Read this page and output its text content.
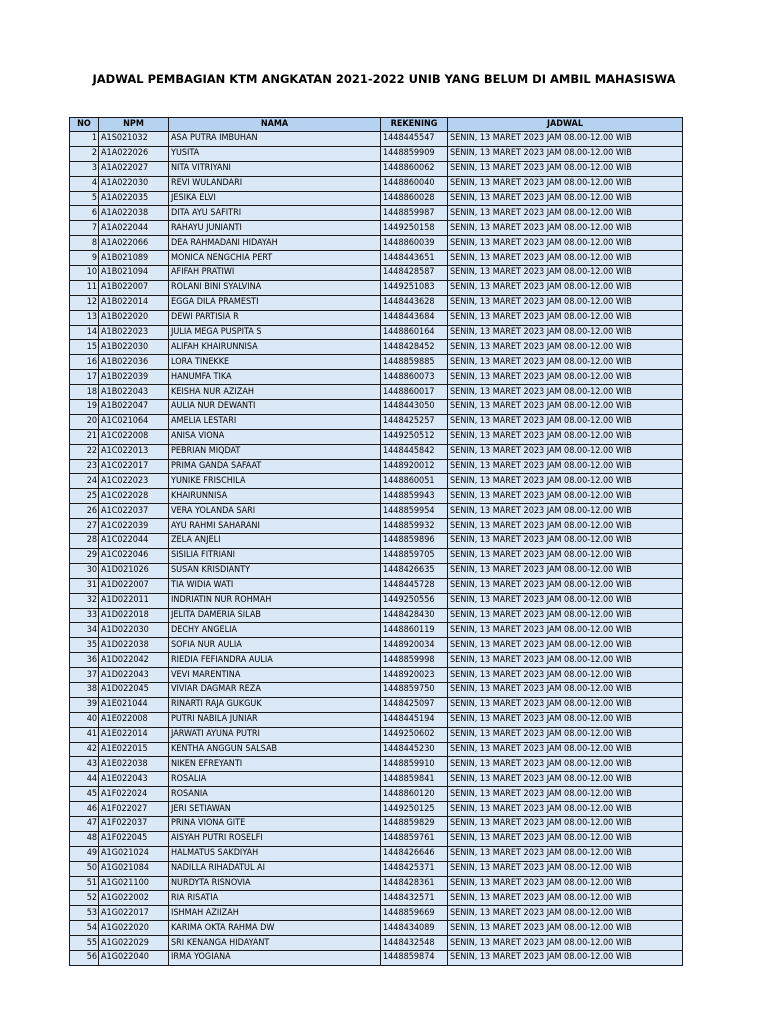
JADWAL PEMBAGIAN KTM ANGKATAN 2021-2022 UNIB YANG BELUM DI AMBIL MAHASISWA
NO	NPM	NAMA	REKENING	JADWAL
1	A1S021032	ASA PUTRA IMBUHAN	1448445547	SENIN, 13 MARET 2023 JAM 08.00-12.00 WIB
2	A1A022026	YUSITA	1448859909	SENIN, 13 MARET 2023 JAM 08.00-12.00 WIB
3	A1A022027	NITA VITRIYANI	1448860062	SENIN, 13 MARET 2023 JAM 08.00-12.00 WIB
4	A1A022030	REVI WULANDARI	1448860040	SENIN, 13 MARET 2023 JAM 08.00-12.00 WIB
5	A1A022035	JESIKA ELVI	1448860028	SENIN, 13 MARET 2023 JAM 08.00-12.00 WIB
6	A1A022038	DITA AYU SAFITRI	1448859987	SENIN, 13 MARET 2023 JAM 08.00-12.00 WIB
7	A1A022044	RAHAYU JUNIANTI	1449250158	SENIN, 13 MARET 2023 JAM 08.00-12.00 WIB
8	A1A022066	DEA RAHMADANI HIDAYAH	1448860039	SENIN, 13 MARET 2023 JAM 08.00-12.00 WIB
9	A1B021089	MONICA NENGCHIA PERT	1448443651	SENIN, 13 MARET 2023 JAM 08.00-12.00 WIB
10	A1B021094	AFIFAH PRATIWI	1448428587	SENIN, 13 MARET 2023 JAM 08.00-12.00 WIB
11	A1B022007	ROLANI BINI SYALVINA	1449251083	SENIN, 13 MARET 2023 JAM 08.00-12.00 WIB
12	A1B022014	EGGA DILA PRAMESTI	1448443628	SENIN, 13 MARET 2023 JAM 08.00-12.00 WIB
13	A1B022020	DEWI PARTISIA R	1448443684	SENIN, 13 MARET 2023 JAM 08.00-12.00 WIB
14	A1B022023	JULIA MEGA PUSPITA S	1448860164	SENIN, 13 MARET 2023 JAM 08.00-12.00 WIB
15	A1B022030	ALIFAH KHAIRUNNISA	1448428452	SENIN, 13 MARET 2023 JAM 08.00-12.00 WIB
16	A1B022036	LORA TINEKKE	1448859885	SENIN, 13 MARET 2023 JAM 08.00-12.00 WIB
17	A1B022039	HANUMFA TIKA	1448860073	SENIN, 13 MARET 2023 JAM 08.00-12.00 WIB
18	A1B022043	KEISHA NUR AZIZAH	1448860017	SENIN, 13 MARET 2023 JAM 08.00-12.00 WIB
19	A1B022047	AULIA NUR DEWANTI	1448443050	SENIN, 13 MARET 2023 JAM 08.00-12.00 WIB
20	A1C021064	AMELIA LESTARI	1448425257	SENIN, 13 MARET 2023 JAM 08.00-12.00 WIB
21	A1C022008	ANISA VIONA	1449250512	SENIN, 13 MARET 2023 JAM 08.00-12.00 WIB
22	A1C022013	PEBRIAN MIQDAT	1448445842	SENIN, 13 MARET 2023 JAM 08.00-12.00 WIB
23	A1C022017	PRIMA GANDA SAFAAT	1448920012	SENIN, 13 MARET 2023 JAM 08.00-12.00 WIB
24	A1C022023	YUNIKE FRISCHILA	1448860051	SENIN, 13 MARET 2023 JAM 08.00-12.00 WIB
25	A1C022028	KHAIRUNNISA	1448859943	SENIN, 13 MARET 2023 JAM 08.00-12.00 WIB
26	A1C022037	VERA YOLANDA SARI	1448859954	SENIN, 13 MARET 2023 JAM 08.00-12.00 WIB
27	A1C022039	AYU RAHMI SAHARANI	1448859932	SENIN, 13 MARET 2023 JAM 08.00-12.00 WIB
28	A1C022044	ZELA ANJELI	1448859896	SENIN, 13 MARET 2023 JAM 08.00-12.00 WIB
29	A1C022046	SISILIA FITRIANI	1448859705	SENIN, 13 MARET 2023 JAM 08.00-12.00 WIB
30	A1D021026	SUSAN KRISDIANTY	1448426635	SENIN, 13 MARET 2023 JAM 08.00-12.00 WIB
31	A1D022007	TIA WIDIA WATI	1448445728	SENIN, 13 MARET 2023 JAM 08.00-12.00 WIB
32	A1D022011	INDRIATIN NUR ROHMAH	1449250556	SENIN, 13 MARET 2023 JAM 08.00-12.00 WIB
33	A1D022018	JELITA DAMERIA SILAB	1448428430	SENIN, 13 MARET 2023 JAM 08.00-12.00 WIB
34	A1D022030	DECHY ANGELIA	1448860119	SENIN, 13 MARET 2023 JAM 08.00-12.00 WIB
35	A1D022038	SOFIA NUR AULIA	1448920034	SENIN, 13 MARET 2023 JAM 08.00-12.00 WIB
36	A1D022042	RIEDIA FEFIANDRA AULIA	1448859998	SENIN, 13 MARET 2023 JAM 08.00-12.00 WIB
37	A1D022043	VEVI MARENTINA	1448920023	SENIN, 13 MARET 2023 JAM 08.00-12.00 WIB
38	A1D022045	VIVIAR DAGMAR REZA	1448859750	SENIN, 13 MARET 2023 JAM 08.00-12.00 WIB
39	A1E021044	RINARTI RAJA GUKGUK	1448425097	SENIN, 13 MARET 2023 JAM 08.00-12.00 WIB
40	A1E022008	PUTRI NABILA JUNIAR	1448445194	SENIN, 13 MARET 2023 JAM 08.00-12.00 WIB
41	A1E022014	JARWATI AYUNA PUTRI	1449250602	SENIN, 13 MARET 2023 JAM 08.00-12.00 WIB
42	A1E022015	KENTHA ANGGUN SALSAB	1448445230	SENIN, 13 MARET 2023 JAM 08.00-12.00 WIB
43	A1E022038	NIKEN EFREYANTI	1448859910	SENIN, 13 MARET 2023 JAM 08.00-12.00 WIB
44	A1E022043	ROSALIA	1448859841	SENIN, 13 MARET 2023 JAM 08.00-12.00 WIB
45	A1F022024	ROSANIA	1448860120	SENIN, 13 MARET 2023 JAM 08.00-12.00 WIB
46	A1F022027	JERI SETIAWAN	1449250125	SENIN, 13 MARET 2023 JAM 08.00-12.00 WIB
47	A1F022037	PRINA VIONA GITE	1448859829	SENIN, 13 MARET 2023 JAM 08.00-12.00 WIB
48	A1F022045	AISYAH PUTRI ROSELFI	1448859761	SENIN, 13 MARET 2023 JAM 08.00-12.00 WIB
49	A1G021024	HALMATUS SAKDIYAH	1448426646	SENIN, 13 MARET 2023 JAM 08.00-12.00 WIB
50	A1G021084	NADILLA RIHADATUL AI	1448425371	SENIN, 13 MARET 2023 JAM 08.00-12.00 WIB
51	A1G021100	NURDYTA RISNOVIA	1448428361	SENIN, 13 MARET 2023 JAM 08.00-12.00 WIB
52	A1G022002	RIA RISATIA	1448432571	SENIN, 13 MARET 2023 JAM 08.00-12.00 WIB
53	A1G022017	ISHMAH AZIIZAH	1448859669	SENIN, 13 MARET 2023 JAM 08.00-12.00 WIB
54	A1G022020	KARIMA OKTA RAHMA DW	1448434089	SENIN, 13 MARET 2023 JAM 08.00-12.00 WIB
55	A1G022029	SRI KENANGA HIDAYANT	1448432548	SENIN, 13 MARET 2023 JAM 08.00-12.00 WIB
56	A1G022040	IRMA YOGIANA	1448859874	SENIN, 13 MARET 2023 JAM 08.00-12.00 WIB
